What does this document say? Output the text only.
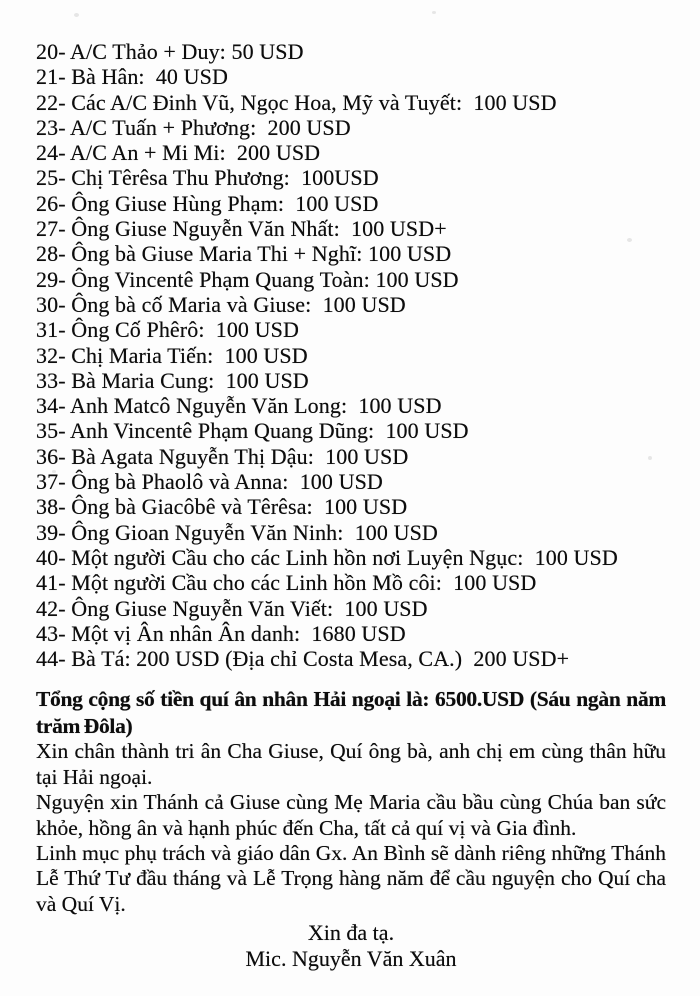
20- A/C Thảo + Duy: 50 USD
21- Bà Hân:  40 USD
22- Các A/C Đinh Vũ, Ngọc Hoa, Mỹ và Tuyết:  100 USD
23- A/C Tuấn + Phương:  200 USD
24- A/C An + Mi Mi:  200 USD
25- Chị Têrêsa Thu Phương:  100USD
26- Ông Giuse Hùng Phạm:  100 USD
27- Ông Giuse Nguyễn Văn Nhất:  100 USD+
28- Ông bà Giuse Maria Thi + Nghĩ: 100 USD
29- Ông Vincentê Phạm Quang Toàn: 100 USD
30- Ông bà cố Maria và Giuse:  100 USD
31- Ông Cố Phêrô:  100 USD
32- Chị Maria Tiến:  100 USD
33- Bà Maria Cung:  100 USD
34- Anh Matcô Nguyễn Văn Long:  100 USD
35- Anh Vincentê Phạm Quang Dũng:  100 USD
36- Bà Agata Nguyễn Thị Dậu:  100 USD
37- Ông bà Phaolô và Anna:  100 USD
38- Ông bà Giacôbê và Têrêsa:  100 USD
39- Ông Gioan Nguyễn Văn Ninh:  100 USD
40- Một người Cầu cho các Linh hồn nơi Luyện Ngục:  100 USD
41- Một người Cầu cho các Linh hồn Mồ côi:  100 USD
42- Ông Giuse Nguyễn Văn Viết:  100 USD
43- Một vị Ân nhân Ân danh:  1680 USD
44- Bà Tá: 200 USD (Địa chỉ Costa Mesa, CA.)  200 USD+
Tổng cộng số tiền quí ân nhân Hải ngoại là: 6500.USD (Sáu ngàn năm trăm Đôla)
Xin chân thành tri ân Cha Giuse, Quí ông bà, anh chị em cùng thân hữu tại Hải ngoại.
Nguyện xin Thánh cả Giuse cùng Mẹ Maria cầu bầu cùng Chúa ban sức khỏe, hồng ân và hạnh phúc đến Cha, tất cả quí vị và Gia đình.
Linh mục phụ trách và giáo dân Gx. An Bình sẽ dành riêng những Thánh Lễ Thứ Tư đầu tháng và Lễ Trọng hàng năm để cầu nguyện cho Quí cha và Quí Vị.
Xin đa tạ.
Mic. Nguyễn Văn Xuân
